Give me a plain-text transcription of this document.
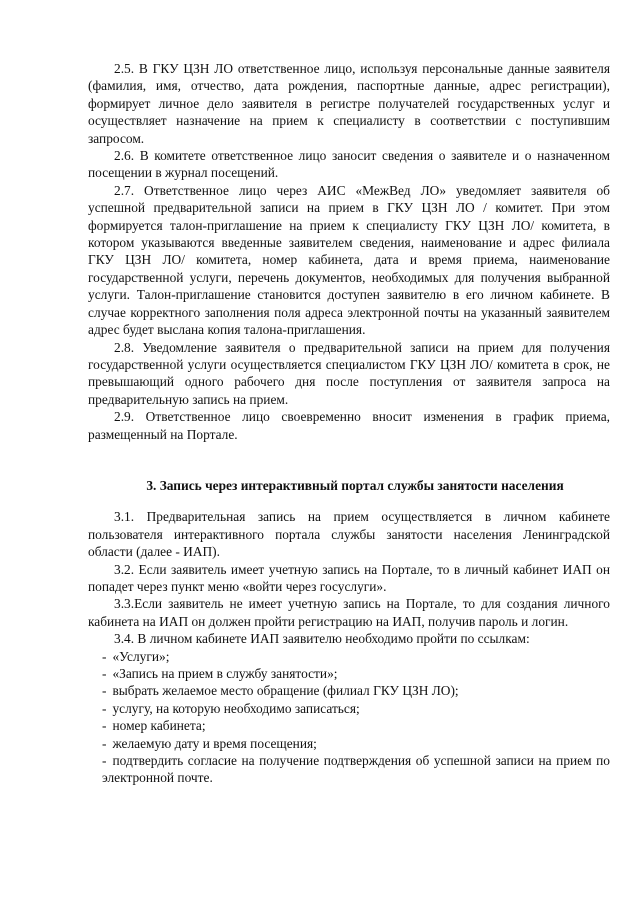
2.5. В ГКУ ЦЗН ЛО ответственное лицо, используя персональные данные заявителя (фамилия, имя, отчество, дата рождения, паспортные данные, адрес регистрации), формирует личное дело заявителя в регистре получателей государственных услуг и осуществляет назначение на прием к специалисту в соответствии с поступившим запросом.

2.6. В комитете ответственное лицо заносит сведения о заявителе и о назначенном посещении в журнал посещений.

2.7. Ответственное лицо через АИС «МежВед ЛО» уведомляет заявителя об успешной предварительной записи на прием в ГКУ ЦЗН ЛО / комитет. При этом формируется талон-приглашение на прием к специалисту ГКУ ЦЗН ЛО/ комитета, в котором указываются введенные заявителем сведения, наименование и адрес филиала ГКУ ЦЗН ЛО/ комитета, номер кабинета, дата и время приема, наименование государственной услуги, перечень документов, необходимых для получения выбранной услуги. Талон-приглашение становится доступен заявителю в его личном кабинете. В случае корректного заполнения поля адреса электронной почты на указанный заявителем адрес будет выслана копия талона-приглашения.

2.8. Уведомление заявителя о предварительной записи на прием для получения государственной услуги осуществляется специалистом ГКУ ЦЗН ЛО/ комитета в срок, не превышающий одного рабочего дня после поступления от заявителя запроса на предварительную запись на прием.

2.9. Ответственное лицо своевременно вносит изменения в график приема, размещенный на Портале.

3. Запись через интерактивный портал службы занятости населения

3.1. Предварительная запись на прием осуществляется в личном кабинете пользователя интерактивного портала службы занятости населения Ленинградской области (далее - ИАП).

3.2. Если заявитель имеет учетную запись на Портале, то в личный кабинет ИАП он попадет через пункт меню «войти через госуслуги».

3.3.Если заявитель не имеет учетную запись на Портале, то для создания личного кабинета на ИАП он должен пройти регистрацию на ИАП, получив пароль и логин.

3.4. В личном кабинете ИАП заявителю необходимо пройти по ссылкам:

- «Услуги»;
- «Запись на прием в службу занятости»;
- выбрать желаемое место обращение (филиал ГКУ ЦЗН ЛО);
- услугу, на которую необходимо записаться;
- номер кабинета;
- желаемую дату и время посещения;
- подтвердить согласие на получение подтверждения об успешной записи на прием по электронной почте.
